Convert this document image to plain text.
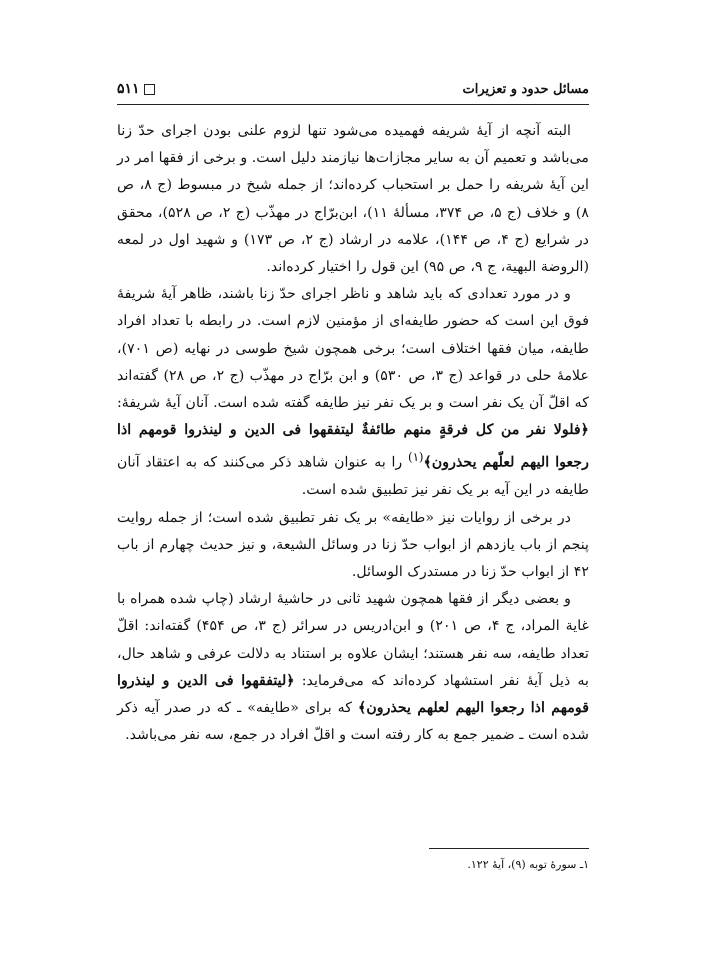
مسائل حدود و تعزیرات
۵۱۱

البته آنچه از آیهٔ شریفه فهمیده می‌شود تنها لزوم علنی بودن اجرای حدّ زنا می‌باشد و تعمیم آن به سایر مجازات‌ها نیازمند دلیل است. و برخی از فقها امر در این آیهٔ شریفه را حمل بر استحباب کرده‌اند؛ از جمله شیخ در مبسوط (ج ۸، ص ۸) و خلاف (ج ۵، ص ۳۷۴، مسألهٔ ۱۱)، ابن‌برّاج در مهذّب (ج ۲، ص ۵۲۸)، محقق در شرایع (ج ۴، ص ۱۴۴)، علامه در ارشاد (ج ۲، ص ۱۷۳) و شهید اول در لمعه (الروضة البهیة، ج ۹، ص ۹۵) این قول را اختیار کرده‌اند.

و در مورد تعدادی که باید شاهد و ناظر اجرای حدّ زنا باشند، ظاهر آیهٔ شریفهٔ فوق این است که حضور طایفه‌ای از مؤمنین لازم است. در رابطه با تعداد افراد طایفه، میان فقها اختلاف است؛ برخی همچون شیخ طوسی در نهایه (ص ۷۰۱)، علامهٔ حلی در قواعد (ج ۳، ص ۵۳۰) و ابن برّاج در مهذّب (ج ۲، ص ۲۸) گفته‌اند که اقلّ آن یک نفر است و بر یک نفر نیز طایفه گفته شده است. آنان آیهٔ شریفهٔ: ﴿فلولا نفر من کل فرقةٍ منهم طائفةٌ لیتفقهوا فی الدین و لینذروا قومهم اذا رجعوا الیهم لعلّهم یحذرون﴾$^{(۱)}$ را به عنوان شاهد ذکر می‌کنند که به اعتقاد آنان طایفه در این آیه بر یک نفر نیز تطبیق شده است.

در برخی از روایات نیز «طایفه» بر یک نفر تطبیق شده است؛ از جمله روایت پنجم از باب یازدهم از ابواب حدّ زنا در وسائل الشیعة، و نیز حدیث چهارم از باب ۴۲ از ابواب حدّ زنا در مستدرک الوسائل.

و بعضی دیگر از فقها همچون شهید ثانی در حاشیهٔ ارشاد (چاپ شده همراه با غایة المراد، ج ۴، ص ۲۰۱) و ابن‌ادریس در سرائر (ج ۳، ص ۴۵۴) گفته‌اند: اقلّ تعداد طایفه، سه نفر هستند؛ ایشان علاوه بر استناد به دلالت عرفی و شاهد حال، به ذیل آیهٔ نفر استشهاد کرده‌اند که می‌فرماید: ﴿لیتفقهوا فی الدین و لینذروا قومهم اذا رجعوا الیهم لعلهم یحذرون﴾ که برای «طایفه» ـ که در صدر آیه ذکر شده است ـ ضمیر جمع به کار رفته است و اقلّ افراد در جمع، سه نفر می‌باشد.

۱ـ سورهٔ توبه (۹)، آیهٔ ۱۲۲.
